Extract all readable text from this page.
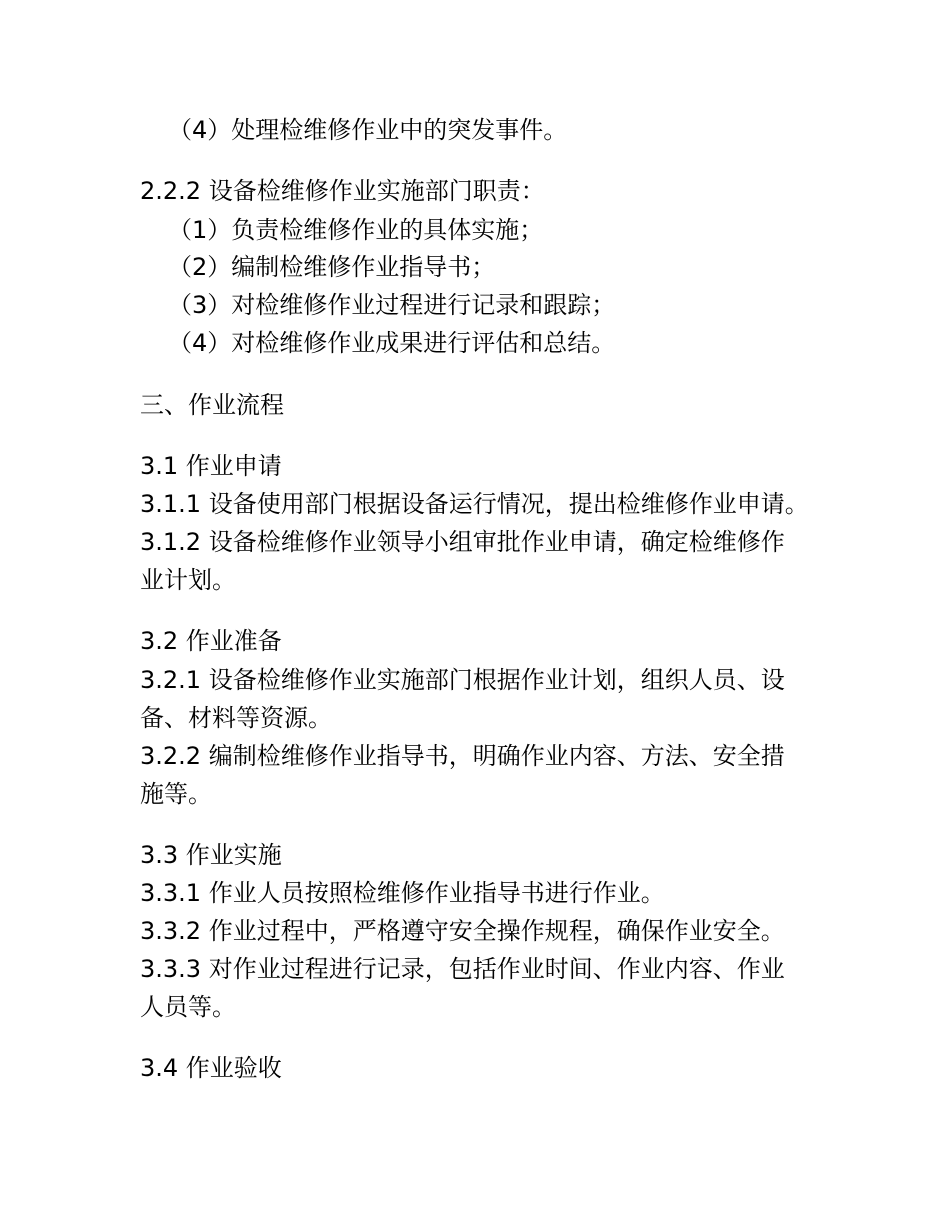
（4）处理检维修作业中的突发事件。
2.2.2 设备检维修作业实施部门职责：
（1）负责检维修作业的具体实施；
（2）编制检维修作业指导书；
（3）对检维修作业过程进行记录和跟踪；
（4）对检维修作业成果进行评估和总结。
三、作业流程
3.1 作业申请
3.1.1 设备使用部门根据设备运行情况，提出检维修作业申请。
3.1.2 设备检维修作业领导小组审批作业申请，确定检维修作
业计划。
3.2 作业准备
3.2.1 设备检维修作业实施部门根据作业计划，组织人员、设
备、材料等资源。
3.2.2 编制检维修作业指导书，明确作业内容、方法、安全措
施等。
3.3 作业实施
3.3.1 作业人员按照检维修作业指导书进行作业。
3.3.2 作业过程中，严格遵守安全操作规程，确保作业安全。
3.3.3 对作业过程进行记录，包括作业时间、作业内容、作业
人员等。
3.4 作业验收
